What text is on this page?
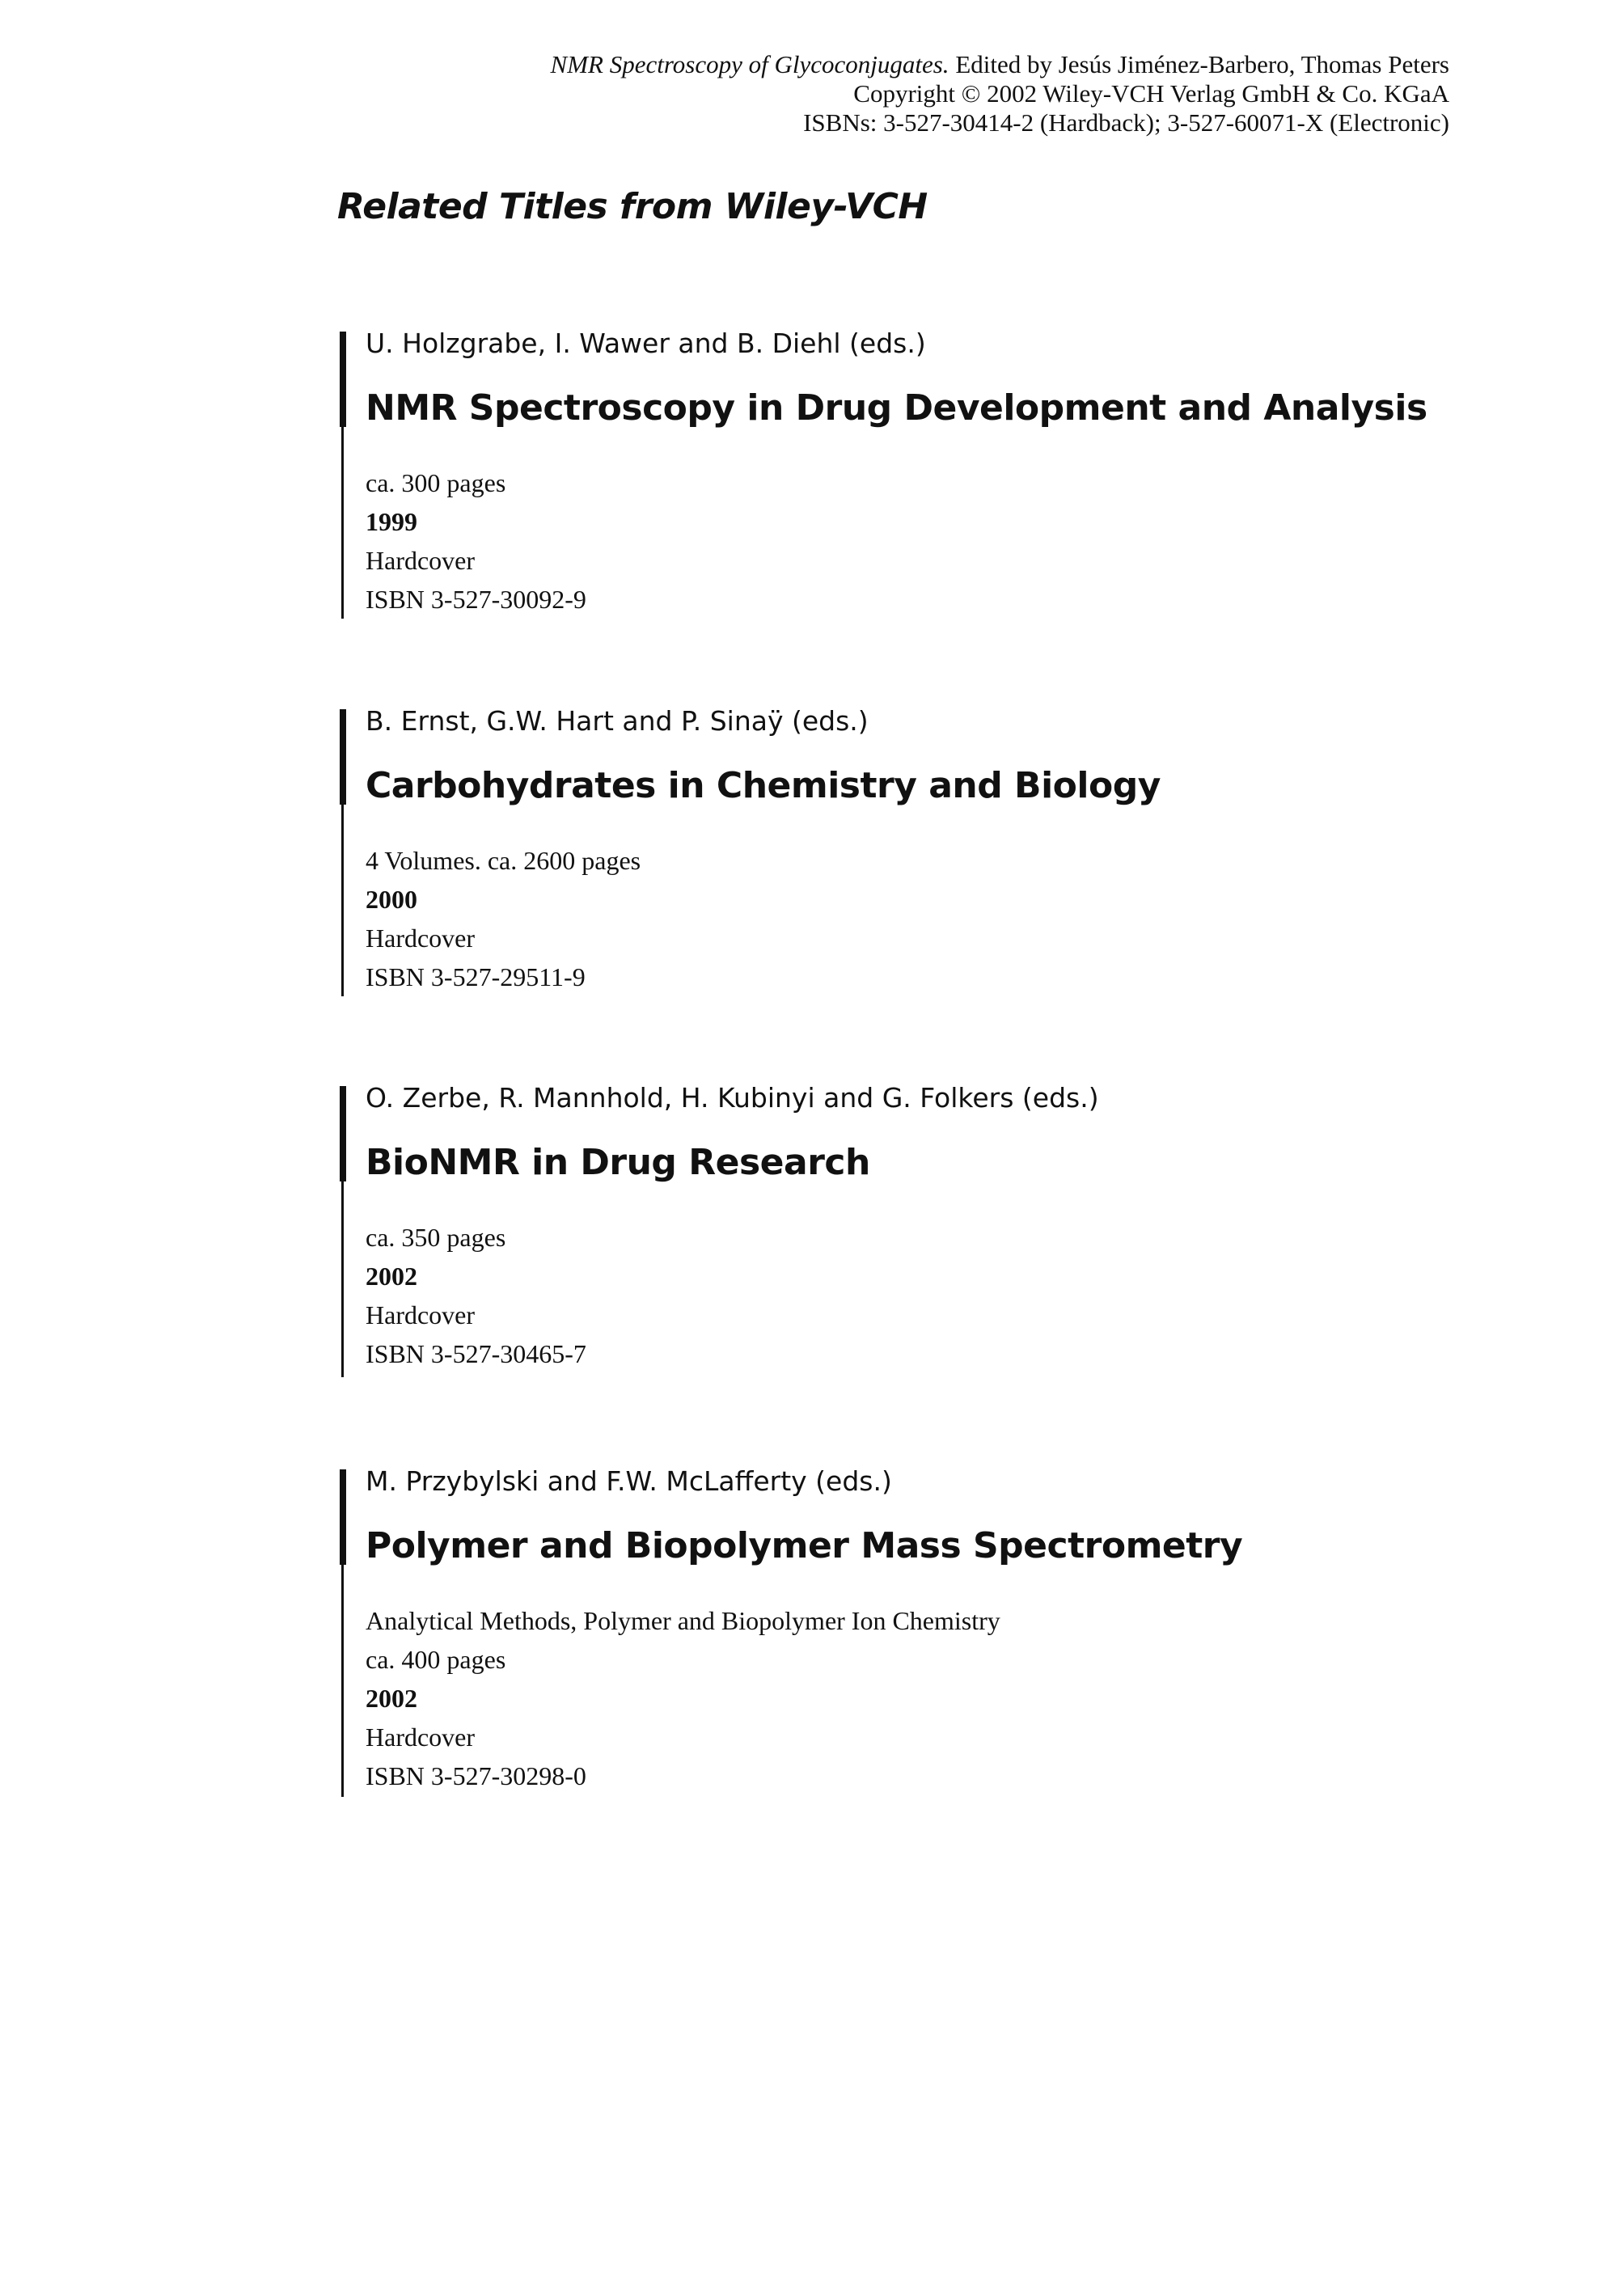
NMR Spectroscopy of Glycoconjugates. Edited by Jesús Jiménez-Barbero, Thomas Peters
Copyright © 2002 Wiley-VCH Verlag GmbH & Co. KGaA
ISBNs: 3-527-30414-2 (Hardback); 3-527-60071-X (Electronic)
Related Titles from Wiley-VCH
U. Holzgrabe, I. Wawer and B. Diehl (eds.)
NMR Spectroscopy in Drug Development and Analysis
ca. 300 pages
1999
Hardcover
ISBN 3-527-30092-9
B. Ernst, G.W. Hart and P. Sinaÿ (eds.)
Carbohydrates in Chemistry and Biology
4 Volumes. ca. 2600 pages
2000
Hardcover
ISBN 3-527-29511-9
O. Zerbe, R. Mannhold, H. Kubinyi and G. Folkers (eds.)
BioNMR in Drug Research
ca. 350 pages
2002
Hardcover
ISBN 3-527-30465-7
M. Przybylski and F.W. McLafferty (eds.)
Polymer and Biopolymer Mass Spectrometry
Analytical Methods, Polymer and Biopolymer Ion Chemistry
ca. 400 pages
2002
Hardcover
ISBN 3-527-30298-0
